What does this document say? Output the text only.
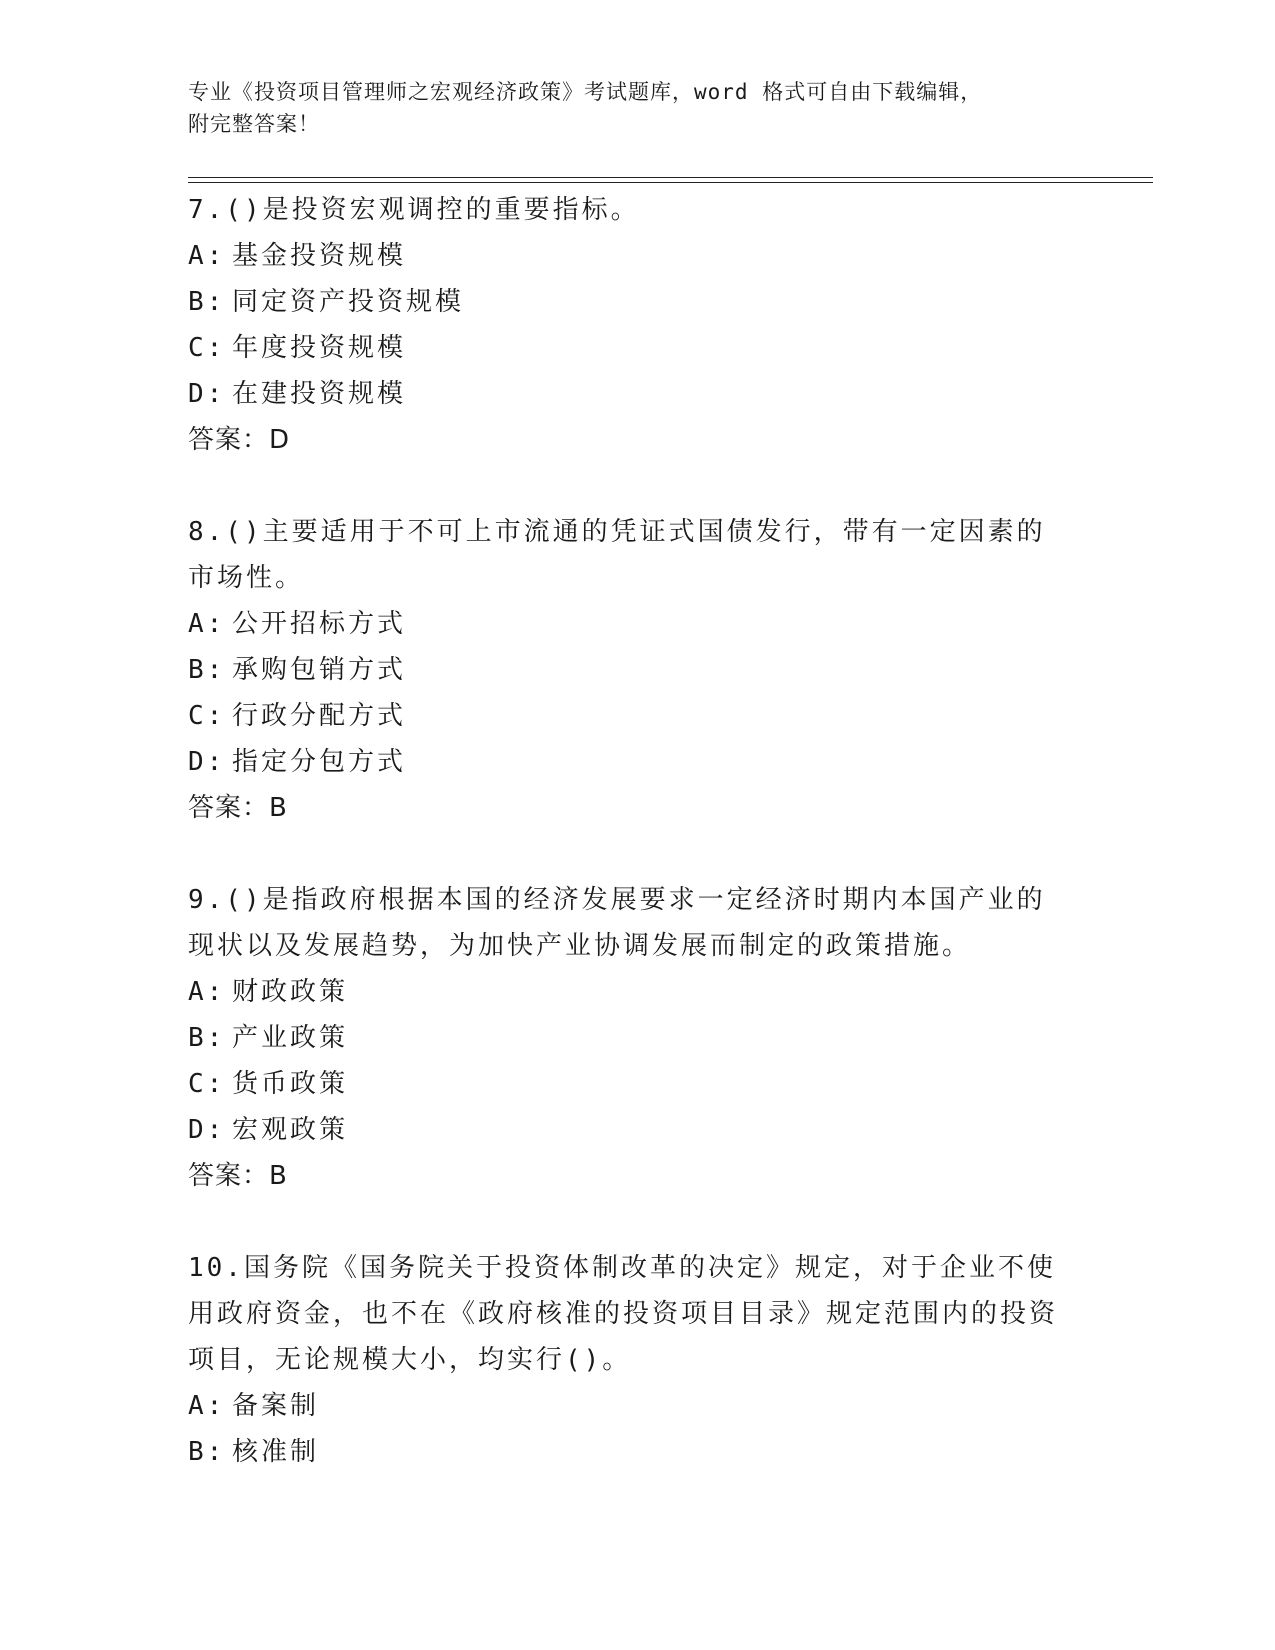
专业《投资项目管理师之宏观经济政策》考试题库，word 格式可自由下载编辑，
附完整答案！
7.()是投资宏观调控的重要指标。
A: 基金投资规模
B: 同定资产投资规模
C: 年度投资规模
D: 在建投资规模
答案：D
8.()主要适用于不可上市流通的凭证式国债发行，带有一定因素的市场性。
A: 公开招标方式
B: 承购包销方式
C: 行政分配方式
D: 指定分包方式
答案：B
9.()是指政府根据本国的经济发展要求一定经济时期内本国产业的现状以及发展趋势，为加快产业协调发展而制定的政策措施。
A: 财政政策
B: 产业政策
C: 货币政策
D: 宏观政策
答案：B
10.国务院《国务院关于投资体制改革的决定》规定，对于企业不使用政府资金，也不在《政府核准的投资项目目录》规定范围内的投资项目，无论规模大小，均实行()。
A: 备案制
B: 核准制
